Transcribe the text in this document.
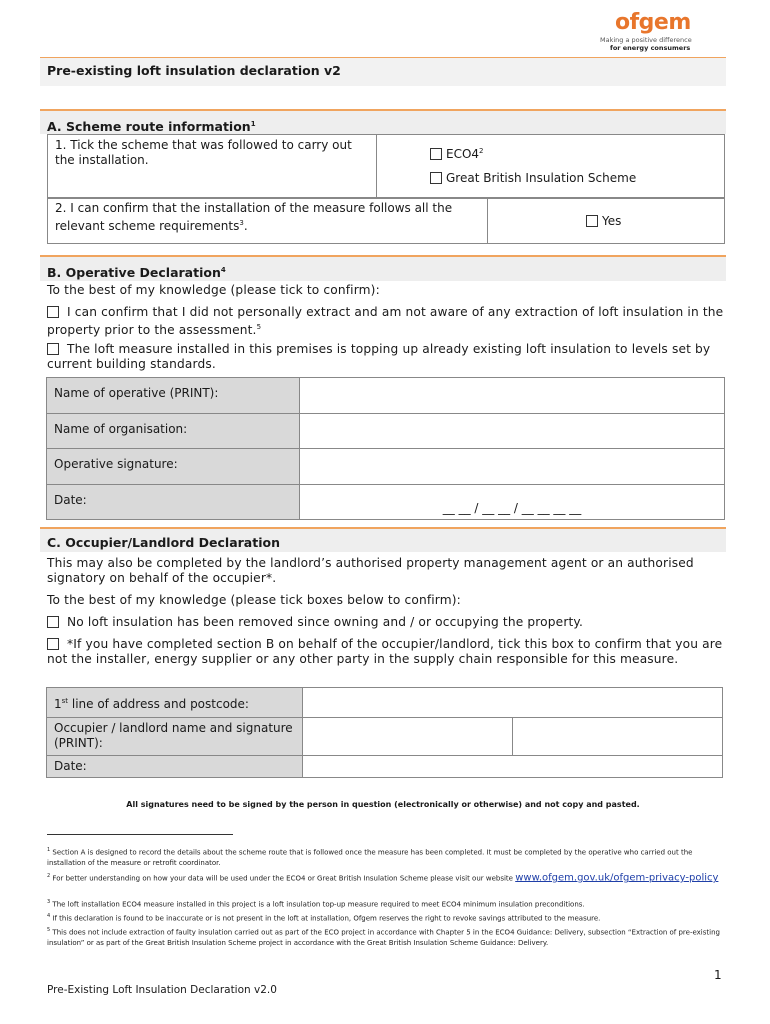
ofgem
Making a positive difference
for energy consumers
Pre-existing loft insulation declaration v2
A. Scheme route information$^1$
1. Tick the scheme that was followed to carry out the installation.	$ECO4^2$
Great British Insulation Scheme
2. I can confirm that the installation of the measure follows all the relevant scheme requirements$^3$.	Yes
B. Operative Declaration$^4$
To the best of my knowledge (please tick to confirm):
I can confirm that I did not personally extract and am not aware of any extraction of loft insulation in the property prior to the assessment.$^5$
The loft measure installed in this premises is topping up already existing loft insulation to levels set by current building standards.
Name of operative (PRINT):	
Name of organisation:	
Operative signature:	
Date:	__ __ / __ __ / __ __ __ __
C. Occupier/Landlord Declaration
This may also be completed by the landlord’s authorised property management agent or an authorised signatory on behalf of the occupier*.
To the best of my knowledge (please tick boxes below to confirm):
No loft insulation has been removed since owning and / or occupying the property.
*If you have completed section B on behalf of the occupier/landlord, tick this box to confirm that you are not the installer, energy supplier or any other party in the supply chain responsible for this measure.
1st line of address and postcode:		
Occupier / landlord name and signature (PRINT):		
Date:		
All signatures need to be signed by the person in question (electronically or otherwise) and not copy and pasted.
$^1$ Section A is designed to record the details about the scheme route that is followed once the measure has been completed. It must be completed by the operative who carried out the installation of the measure or retrofit coordinator.
$^2$ For better understanding on how your data will be used under the ECO4 or Great British Insulation Scheme please visit our website www.ofgem.gov.uk/ofgem-privacy-policy
$^3$ The loft installation ECO4 measure installed in this project is a loft insulation top-up measure required to meet ECO4 minimum insulation preconditions.
$^4$ If this declaration is found to be inaccurate or is not present in the loft at installation, Ofgem reserves the right to revoke savings attributed to the measure.
$^5$ This does not include extraction of faulty insulation carried out as part of the ECO project in accordance with Chapter 5 in the ECO4 Guidance: Delivery, subsection “Extraction of pre-existing insulation” or as part of the Great British Insulation Scheme project in accordance with the Great British Insulation Scheme Guidance: Delivery.
1
Pre-Existing Loft Insulation Declaration v2.0
